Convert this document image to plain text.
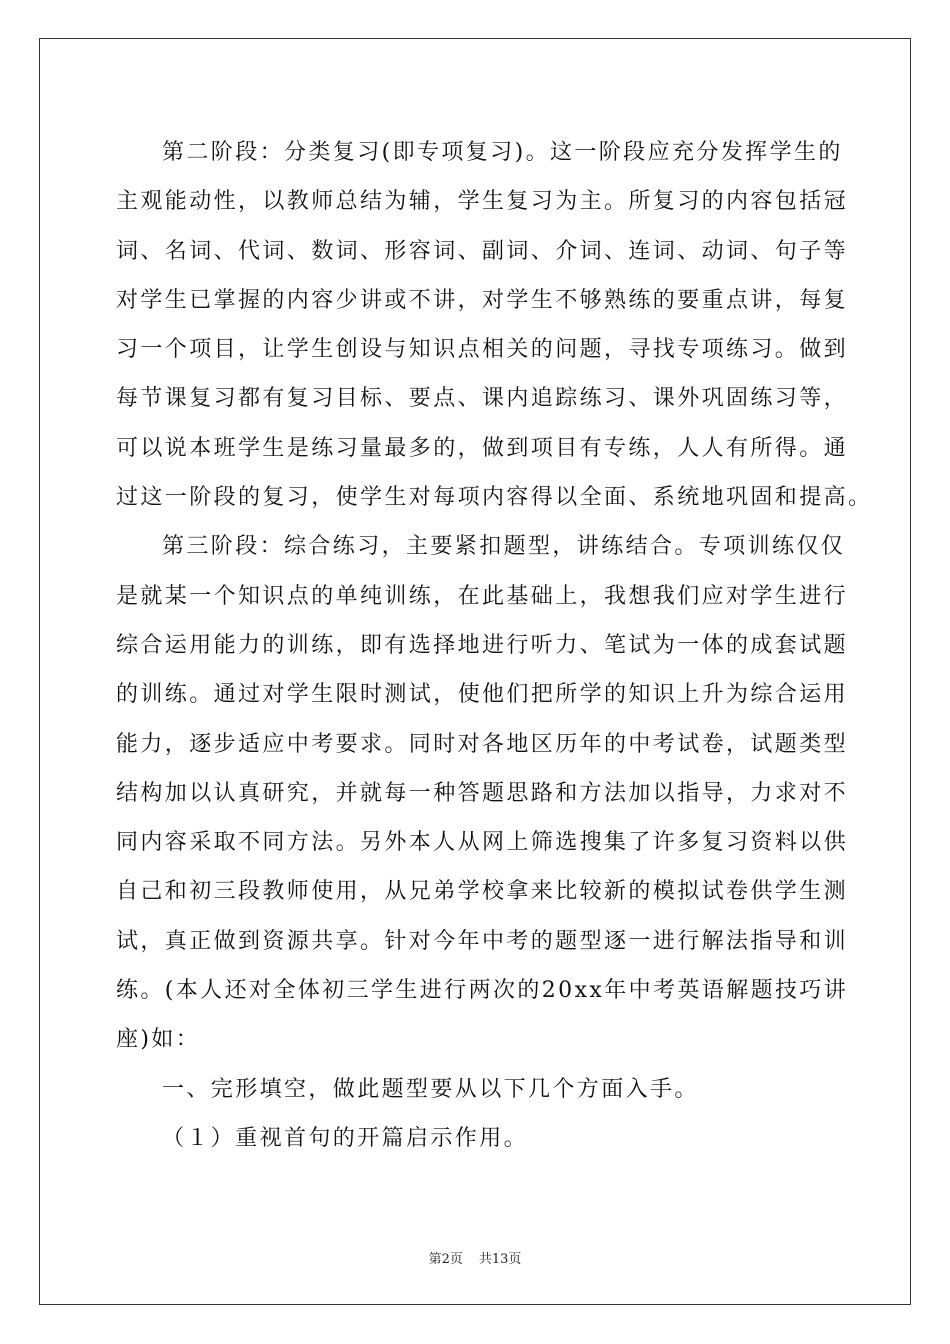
第二阶段：分类复习(即专项复习)。这一阶段应充分发挥学生的
主观能动性，以教师总结为辅，学生复习为主。所复习的内容包括冠
词、名词、代词、数词、形容词、副词、介词、连词、动词、句子等
对学生已掌握的内容少讲或不讲，对学生不够熟练的要重点讲，每复
习一个项目，让学生创设与知识点相关的问题，寻找专项练习。做到
每节课复习都有复习目标、要点、课内追踪练习、课外巩固练习等，
可以说本班学生是练习量最多的，做到项目有专练，人人有所得。通
过这一阶段的复习，使学生对每项内容得以全面、系统地巩固和提高。
第三阶段：综合练习，主要紧扣题型，讲练结合。专项训练仅仅
是就某一个知识点的单纯训练，在此基础上，我想我们应对学生进行
综合运用能力的训练，即有选择地进行听力、笔试为一体的成套试题
的训练。通过对学生限时测试，使他们把所学的知识上升为综合运用
能力，逐步适应中考要求。同时对各地区历年的中考试卷，试题类型
结构加以认真研究，并就每一种答题思路和方法加以指导，力求对不
同内容采取不同方法。另外本人从网上筛选搜集了许多复习资料以供
自己和初三段教师使用，从兄弟学校拿来比较新的模拟试卷供学生测
试，真正做到资源共享。针对今年中考的题型逐一进行解法指导和训
练。(本人还对全体初三学生进行两次的20xx年中考英语解题技巧讲
座)如：
一、完形填空，做此题型要从以下几个方面入手。
（１）重视首句的开篇启示作用。
第2页 共13页
